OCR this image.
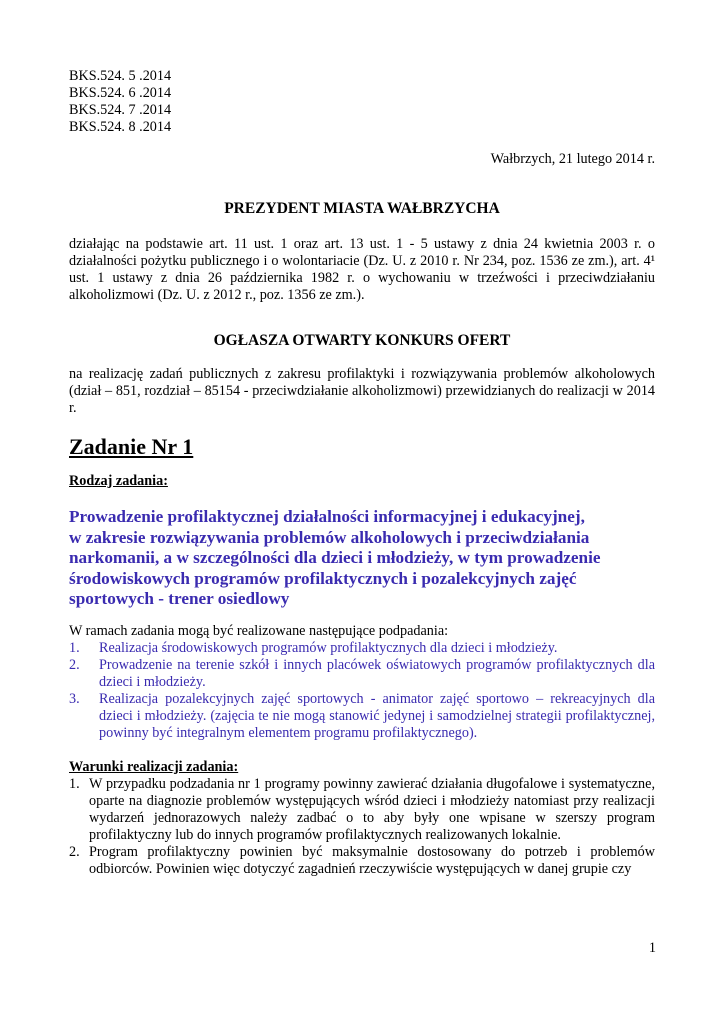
BKS.524. 5 .2014
BKS.524. 6 .2014
BKS.524. 7 .2014
BKS.524. 8 .2014
Wałbrzych, 21 lutego 2014 r.
PREZYDENT MIASTA WAŁBRZYCHA
działając na podstawie art. 11 ust. 1 oraz art. 13 ust. 1 - 5 ustawy z dnia 24 kwietnia 2003 r. o działalności pożytku publicznego i o wolontariacie (Dz. U. z 2010 r. Nr 234, poz. 1536 ze zm.), art. 4¹ ust. 1 ustawy z dnia 26 października 1982 r. o wychowaniu w trzeźwości i przeciwdziałaniu alkoholizmowi (Dz. U. z 2012 r., poz. 1356 ze zm.).
OGŁASZA OTWARTY KONKURS OFERT
na realizację zadań publicznych z zakresu profilaktyki i rozwiązywania problemów alkoholowych (dział – 851, rozdział – 85154 - przeciwdziałanie alkoholizmowi) przewidzianych do realizacji w 2014 r.
Zadanie Nr 1
Rodzaj zadania:
Prowadzenie profilaktycznej działalności informacyjnej i edukacyjnej,
w zakresie rozwiązywania problemów alkoholowych i przeciwdziałania
narkomanii, a w szczególności dla dzieci i młodzieży, w tym prowadzenie
środowiskowych programów profilaktycznych i pozalekcyjnych zajęć
sportowych - trener osiedlowy
W ramach zadania mogą być realizowane następujące podpadania:
1. Realizacja środowiskowych programów profilaktycznych dla dzieci i młodzieży.
2. Prowadzenie na terenie szkół i innych placówek oświatowych programów profilaktycznych dla dzieci i młodzieży.
3. Realizacja pozalekcyjnych zajęć sportowych - animator zajęć sportowo – rekreacyjnych dla dzieci i młodzieży. (zajęcia te nie mogą stanowić jedynej i samodzielnej strategii profilaktycznej, powinny być integralnym elementem programu profilaktycznego).
Warunki realizacji zadania:
1. W przypadku podzadania nr 1 programy powinny zawierać działania długofalowe i systematyczne, oparte na diagnozie problemów występujących wśród dzieci i młodzieży natomiast przy realizacji wydarzeń jednorazowych należy zadbać o to aby były one wpisane w szerszy program profilaktyczny lub do innych programów profilaktycznych realizowanych lokalnie.
2. Program profilaktyczny powinien być maksymalnie dostosowany do potrzeb i problemów odbiorców. Powinien więc dotyczyć zagadnień rzeczywiście występujących w danej grupie czy
1
